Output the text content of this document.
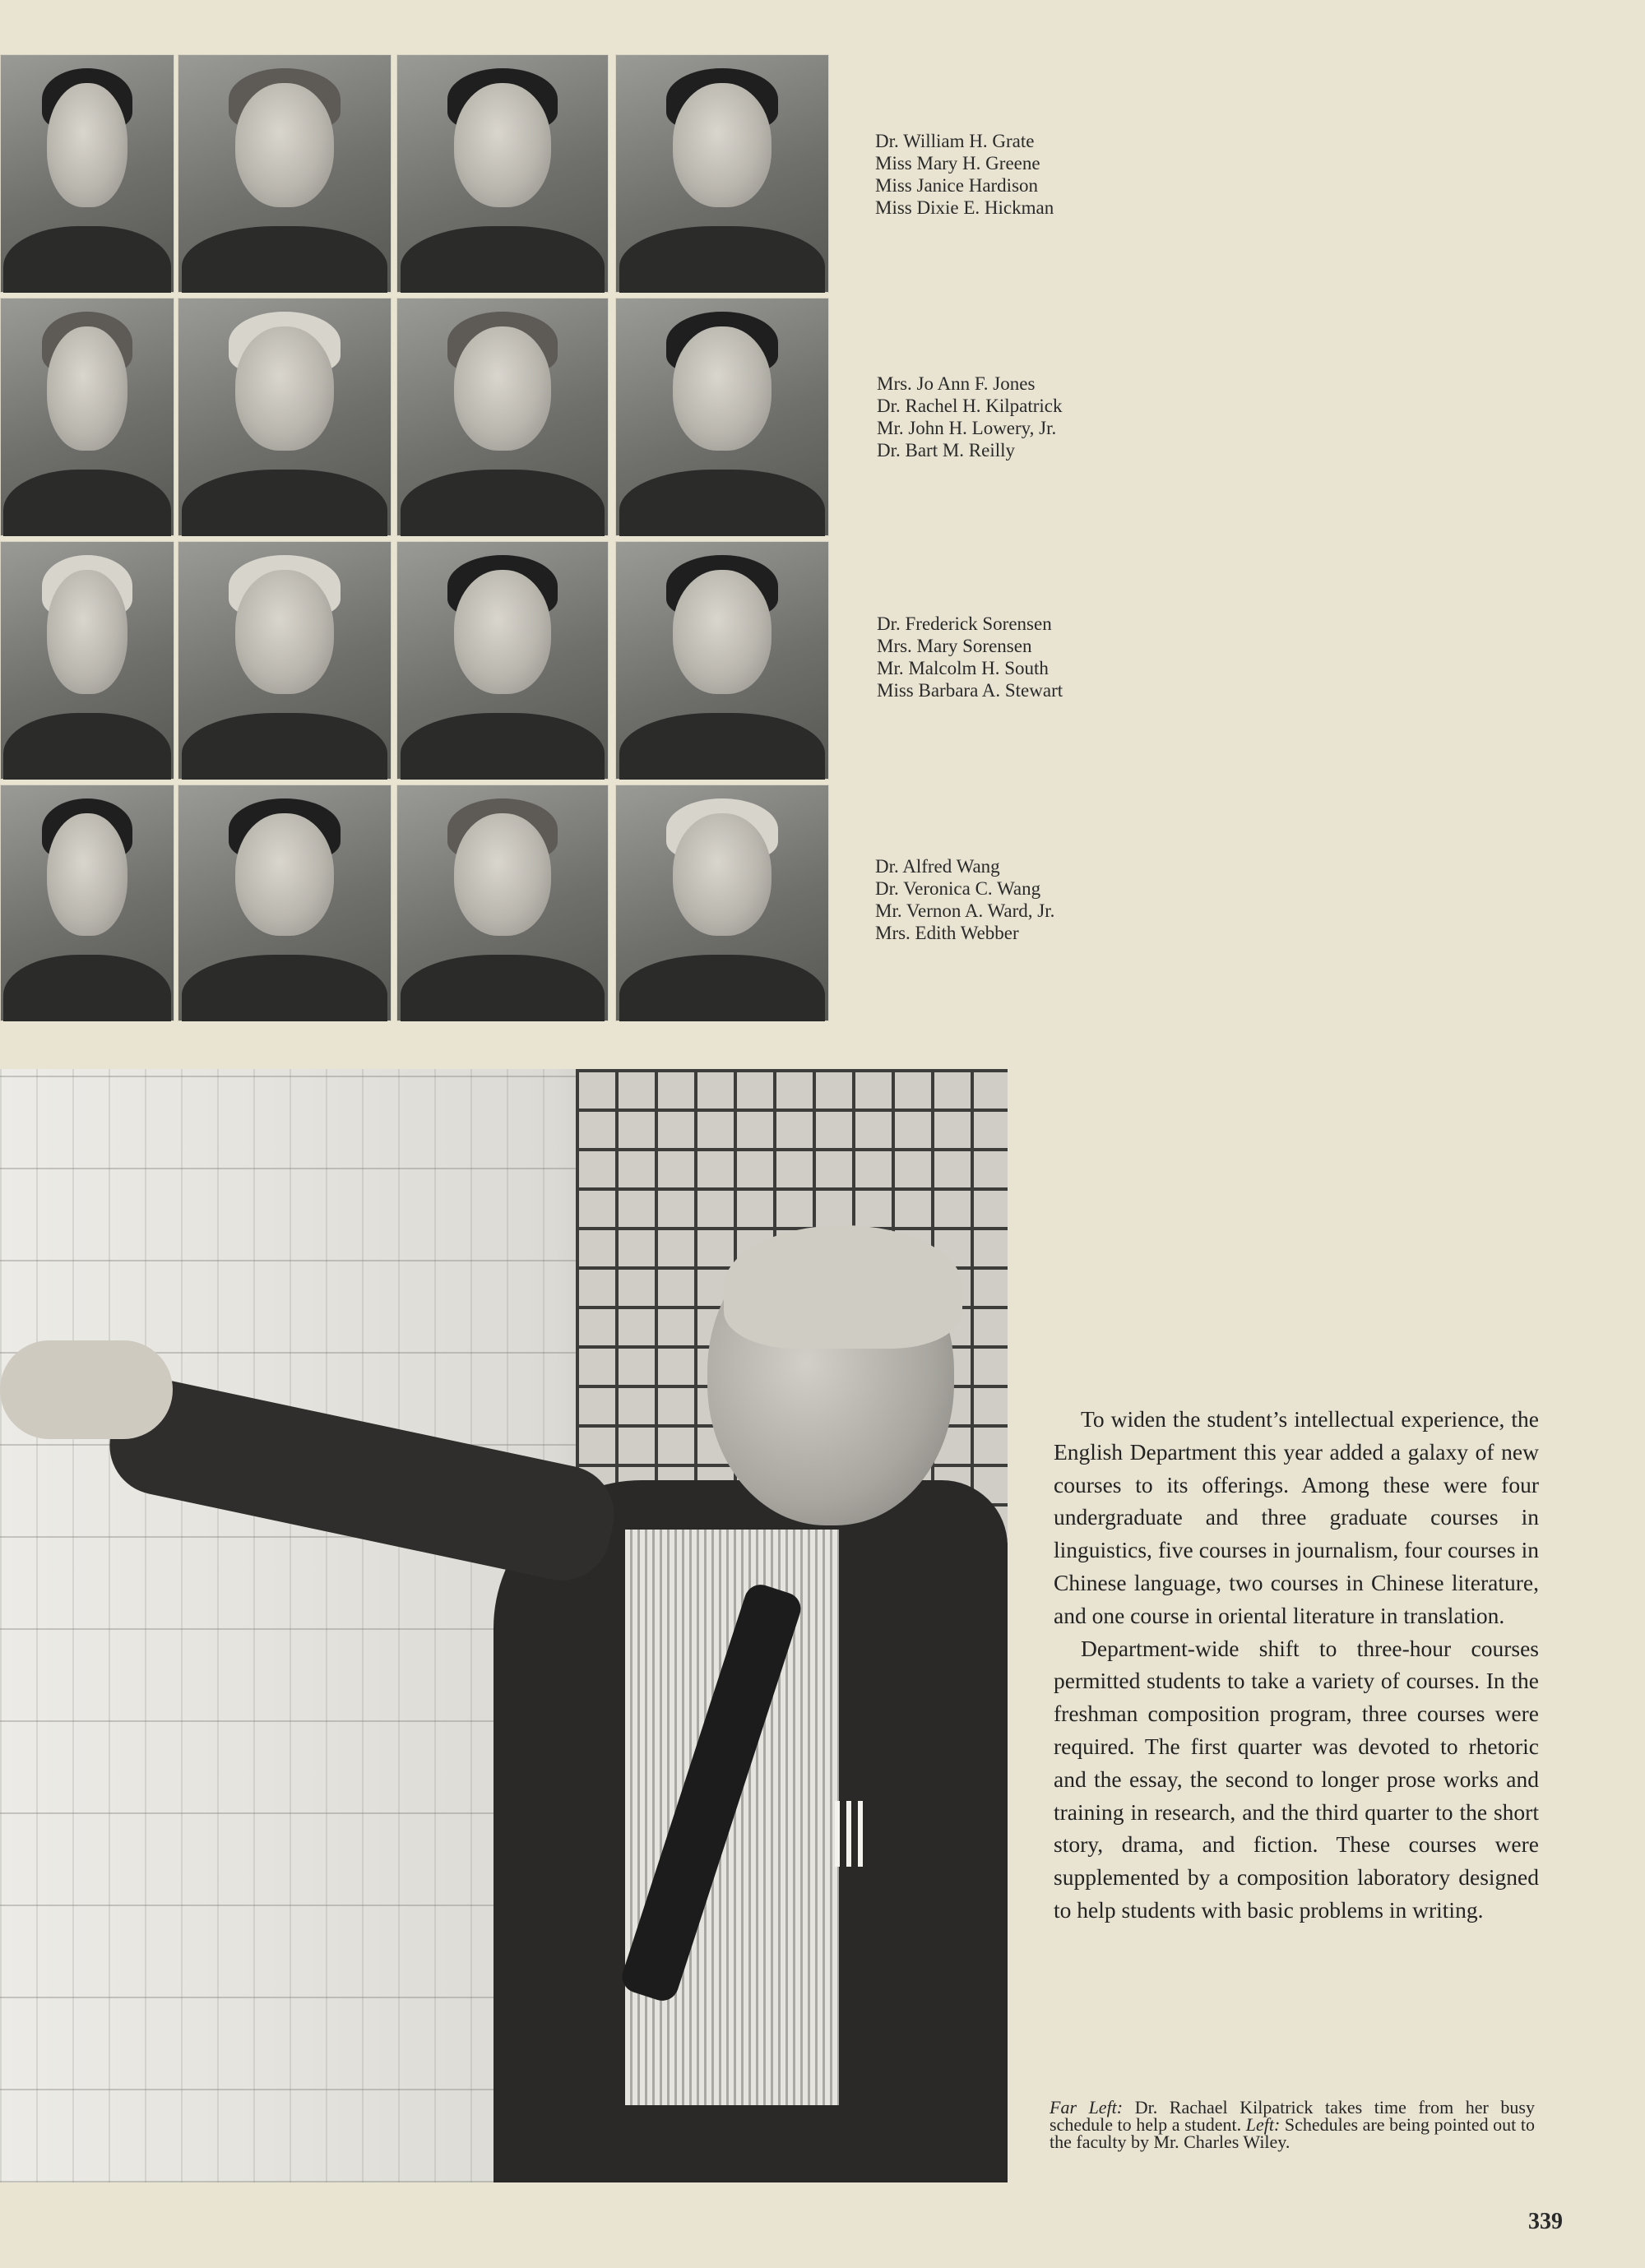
Dr. William H. Grate
Miss Mary H. Greene
Miss Janice Hardison
Miss Dixie E. Hickman
Mrs. Jo Ann F. Jones
Dr. Rachel H. Kilpatrick
Mr. John H. Lowery, Jr.
Dr. Bart M. Reilly
Dr. Frederick Sorensen
Mrs. Mary Sorensen
Mr. Malcolm H. South
Miss Barbara A. Stewart
Dr. Alfred Wang
Dr. Veronica C. Wang
Mr. Vernon A. Ward, Jr.
Mrs. Edith Webber

To widen the student’s intellectual experience, the English Department this year added a galaxy of new courses to its offerings. Among these were four undergraduate and three graduate courses in linguistics, five courses in journalism, four courses in Chinese language, two courses in Chinese literature, and one course in oriental literature in translation.

Department-wide shift to three-hour courses permitted students to take a variety of courses. In the freshman composition program, three courses were required. The first quarter was devoted to rhetoric and the essay, the second to longer prose works and training in research, and the third quarter to the short story, drama, and fiction. These courses were supplemented by a composition laboratory designed to help students with basic problems in writing.

Far Left: Dr. Rachael Kilpatrick takes time from her busy schedule to help a student. Left: Schedules are being pointed out to the faculty by Mr. Charles Wiley.
339
